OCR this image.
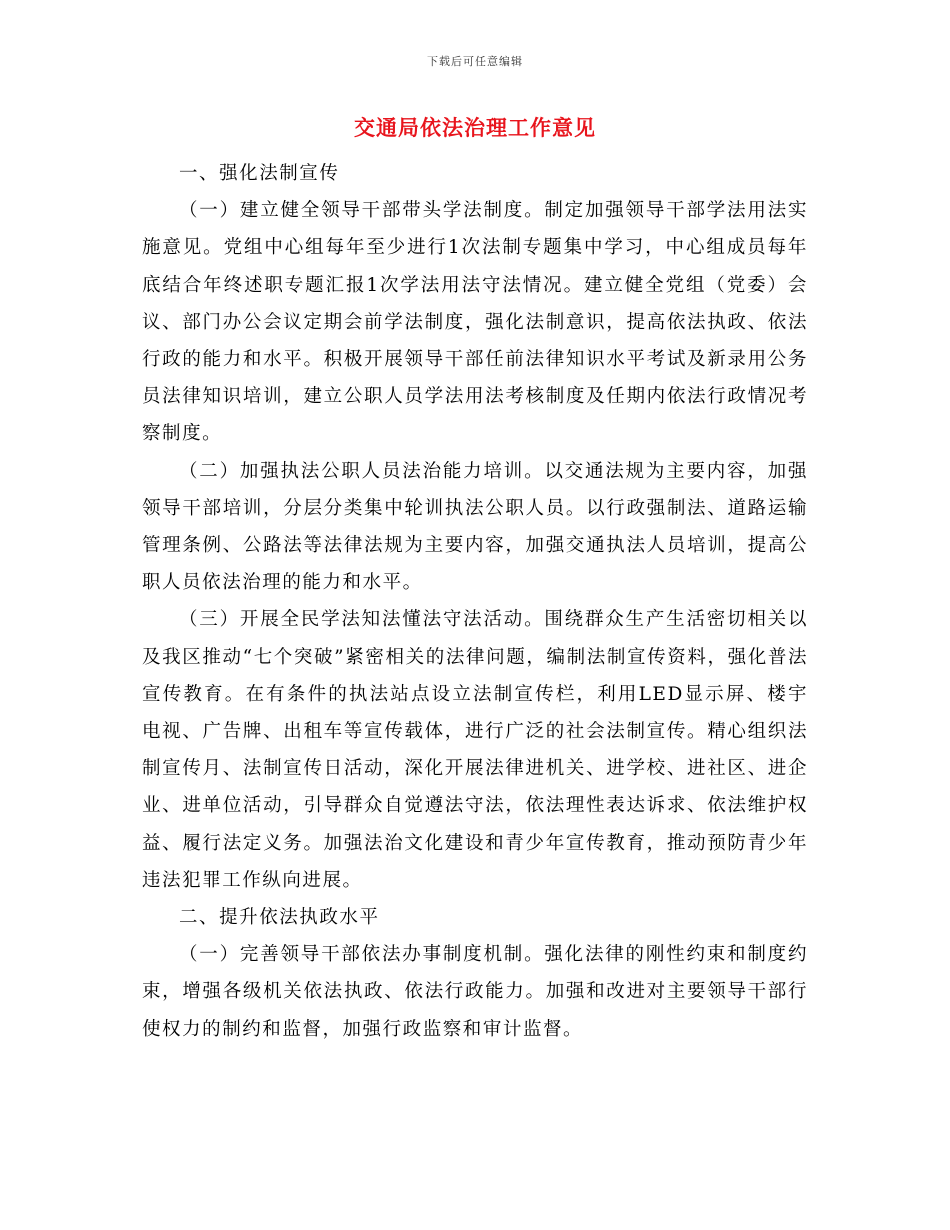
下载后可任意编辑
交通局依法治理工作意见

一、强化法制宣传

（一）建立健全领导干部带头学法制度。制定加强领导干部学法用法实施意见。党组中心组每年至少进行1次法制专题集中学习，中心组成员每年底结合年终述职专题汇报1次学法用法守法情况。建立健全党组（党委）会议、部门办公会议定期会前学法制度，强化法制意识，提高依法执政、依法行政的能力和水平。积极开展领导干部任前法律知识水平考试及新录用公务员法律知识培训，建立公职人员学法用法考核制度及任期内依法行政情况考察制度。

（二）加强执法公职人员法治能力培训。以交通法规为主要内容，加强领导干部培训，分层分类集中轮训执法公职人员。以行政强制法、道路运输管理条例、公路法等法律法规为主要内容，加强交通执法人员培训，提高公职人员依法治理的能力和水平。

（三）开展全民学法知法懂法守法活动。围绕群众生产生活密切相关以及我区推动“七个突破”紧密相关的法律问题，编制法制宣传资料，强化普法宣传教育。在有条件的执法站点设立法制宣传栏，利用LED显示屏、楼宇电视、广告牌、出租车等宣传载体，进行广泛的社会法制宣传。精心组织法制宣传月、法制宣传日活动，深化开展法律进机关、进学校、进社区、进企业、进单位活动，引导群众自觉遵法守法，依法理性表达诉求、依法维护权益、履行法定义务。加强法治文化建设和青少年宣传教育，推动预防青少年违法犯罪工作纵向进展。

二、提升依法执政水平

（一）完善领导干部依法办事制度机制。强化法律的刚性约束和制度约束，增强各级机关依法执政、依法行政能力。加强和改进对主要领导干部行使权力的制约和监督，加强行政监察和审计监督。
